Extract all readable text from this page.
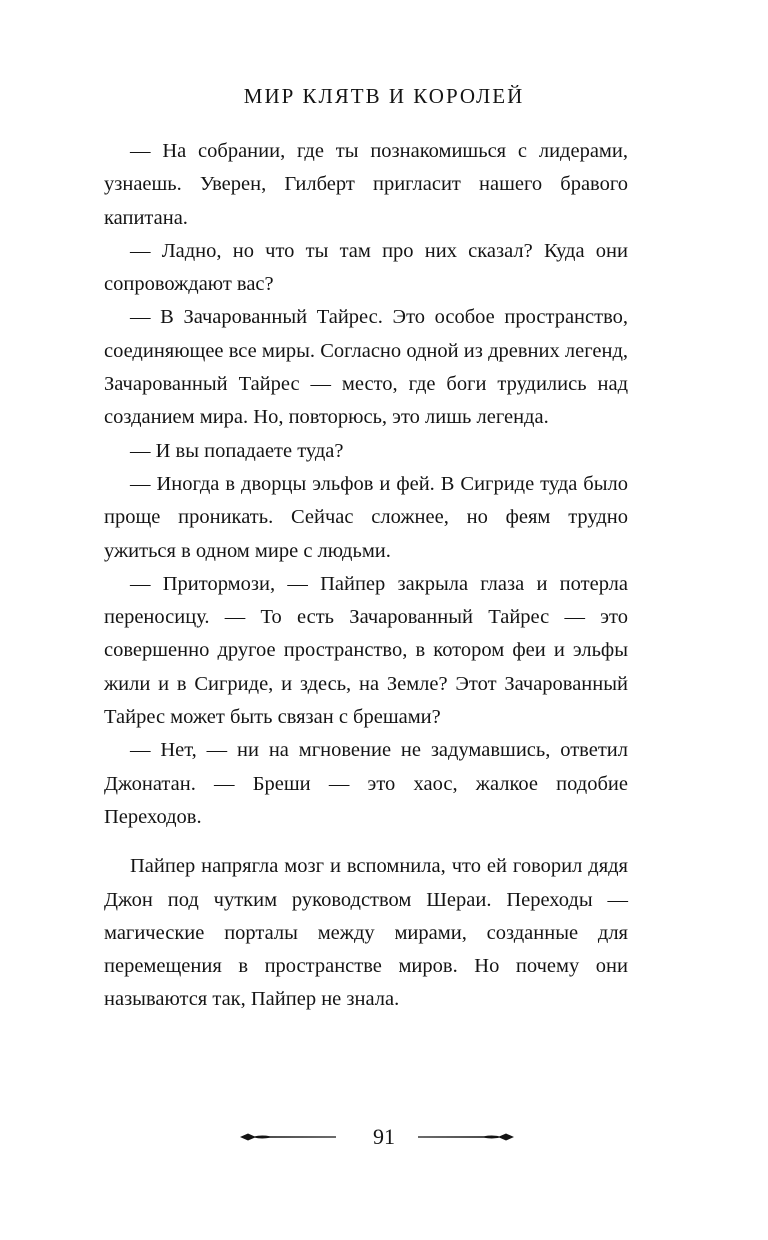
МИР КЛЯТВ И КОРОЛЕЙ

— На собрании, где ты познакомишься с лидерами, узнаешь. Уверен, Гилберт пригласит нашего бравого капитана.

— Ладно, но что ты там про них сказал? Куда они сопровождают вас?

— В Зачарованный Тайрес. Это особое пространство, соединяющее все миры. Согласно одной из древних легенд, Зачарованный Тайрес — место, где боги трудились над созданием мира. Но, повторюсь, это лишь легенда.

— И вы попадаете туда?

— Иногда в дворцы эльфов и фей. В Сигриде туда было проще проникать. Сейчас сложнее, но феям трудно ужиться в одном мире с людьми.

— Притормози, — Пайпер закрыла глаза и потерла переносицу. — То есть Зачарованный Тайрес — это совершенно другое пространство, в котором феи и эльфы жили и в Сигриде, и здесь, на Земле? Этот Зачарованный Тайрес может быть связан с брешами?

— Нет, — ни на мгновение не задумавшись, ответил Джонатан. — Бреши — это хаос, жалкое подобие Переходов.

Пайпер напрягла мозг и вспомнила, что ей говорил дядя Джон под чутким руководством Шераи. Переходы — магические порталы между мирами, созданные для перемещения в пространстве миров. Но почему они называются так, Пайпер не знала.

91
